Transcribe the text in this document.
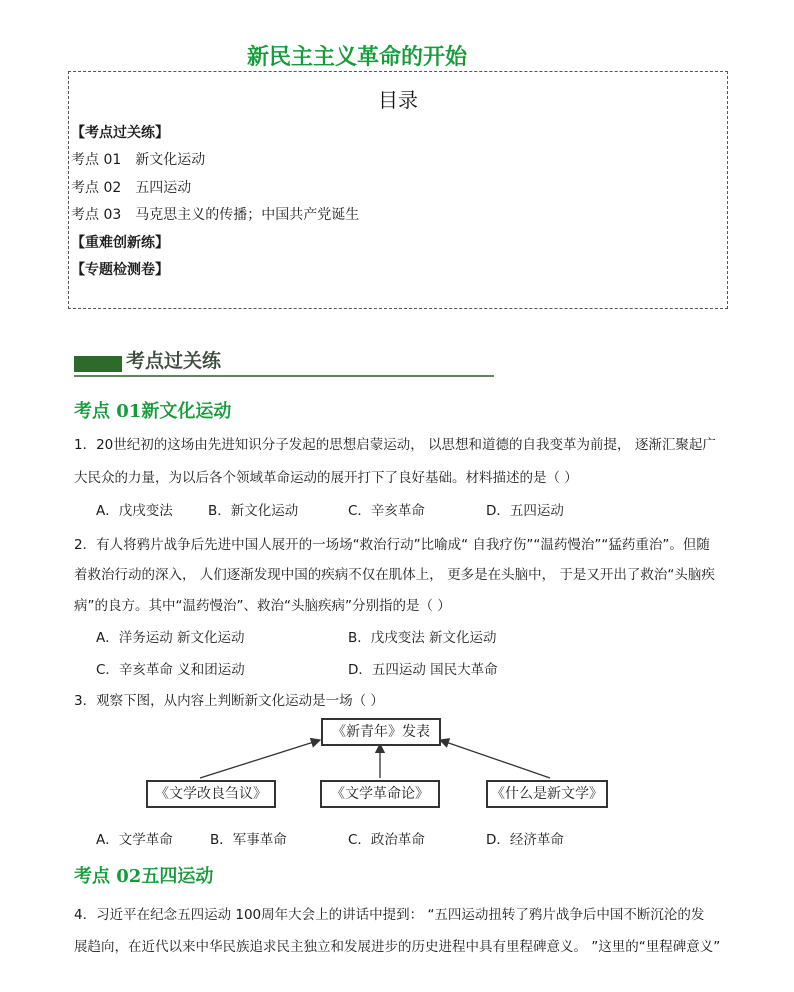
新民主主义革命的开始
目录
【考点过关练】
考点 01　新文化运动
考点 02　五四运动
考点 03　马克思主义的传播；中国共产党诞生
【重难创新练】
【专题检测卷】
考点过关练
考点 01新文化运动
1．20世纪初的这场由先进知识分子发起的思想启蒙运动， 以思想和道德的自我变革为前提， 逐渐汇聚起广
大民众的力量，为以后各个领域革命运动的展开打下了良好基础。材料描述的是（ ）
A．戊戌变法	B．新文化运动	C．辛亥革命	D．五四运动
2．有人将鸦片战争后先进中国人展开的一场场“救治行动”比喻成“ 自我疗伤”“温药慢治”“猛药重治”。但随
着救治行动的深入， 人们逐渐发现中国的疾病不仅在肌体上， 更多是在头脑中， 于是又开出了救治“头脑疾
病”的良方。其中“温药慢治”、救治“头脑疾病”分别指的是（ ）
A．洋务运动 新文化运动	B．戊戌变法 新文化运动
C．辛亥革命 义和团运动	D．五四运动 国民大革命
3．观察下图，从内容上判断新文化运动是一场（ ）
《新青年》发表
《文学改良刍议》	《文学革命论》	《什么是新文学》
A．文学革命	B．军事革命	C．政治革命	D．经济革命
考点 02五四运动
4．习近平在纪念五四运动 100周年大会上的讲话中提到： “五四运动扭转了鸦片战争后中国不断沉沦的发
展趋向，在近代以来中华民族追求民主独立和发展进步的历史进程中具有里程碑意义。 ”这里的“里程碑意义”
